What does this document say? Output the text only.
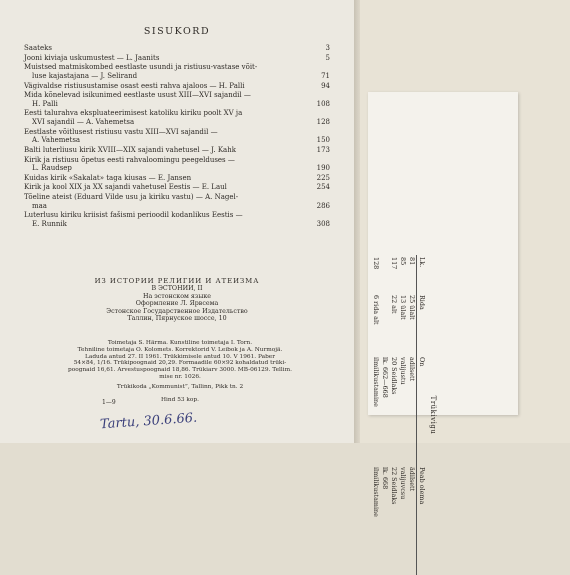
SISUKORD
Saateks	3
Jooni kiviaja uskumustest — L. Jaanits	5
Muistsed matmiskombed eestlaste usundi ja ristiusu-vastase võit-
luse kajastajana — J. Selirand	71
Vägivaldse ristiusustamise osast eesti rahva ajaloos — H. Palli	94
Mida kõnelevad isikunimed eestlaste usust XIII—XVI sajandil —
H. Palli	108
Eesti talurahva ekspluateerimisest katoliku kiriku poolt XV ja
XVI sajandil — A. Vahemetsa	128
Eestlaste võitlusest ristiusu vastu XIII—XVI sajandil —
A. Vahemetsa	150
Balti luterliusu kirik XVIII—XIX sajandi vahetusel — J. Kahk	173
Kirik ja ristiusu õpetus eesti rahvaloomingu peegelduses —
L. Raudsep	190
Kuidas kirik «Sakalat» taga kiusas — E. Jansen	225
Kirik ja kool XIX ja XX sajandi vahetusel Eestis — E. Laul	254
Tõeline ateist (Eduard Vilde usu ja kiriku vastu) — A. Nagel-
maa	286
Luterlusu kiriku kriisist fašismi perioodil kodanlikus Eestis —
E. Runnik	308
ИЗ ИСТОРИИ РЕЛИГИИ И АТЕИЗМА
В ЭСТОНИИ, II
На эстонском языке
Оформление Л. Ярвсема
Эстонское Государственное Издательство
Таллин, Пярнуское шоссе, 10
Toimetaja S. Härma. Kunstiline toimetaja I. Torn.
Tehniline toimetaja O. Kolomets. Korrektorid V. Leibok ja A. Nurmojä.
Laduda antud 27. II 1961. Trükkimisele antud 10. V 1961. Paber
54×84, 1/16. Trükipoognaid 20,29. Formaadile 60×92 kohaldatud trüki-
poognaid 16,61. Arvestuspoognaid 18,86. Trükiarv 3000. MB-06129. Tellim.
mise nr. 1026.
Trükikoda „Kommunist”, Tallinn, Pikk tn. 2
Hind 53 kop.
1—9
Tartu, 30.6.66.	Trükivigu
Lk.	Rida	On	Peab olema
81	25 ülalt	adilsett	ädilsett
85	13 ülalt	valijustu	valijuvcsu
117	22 alt	20 Seidlaks	22 Seidlaks
		lk. 662—668	lk. 668
128	6 rida alt	ilmilikustamine	ilmilikustamine
